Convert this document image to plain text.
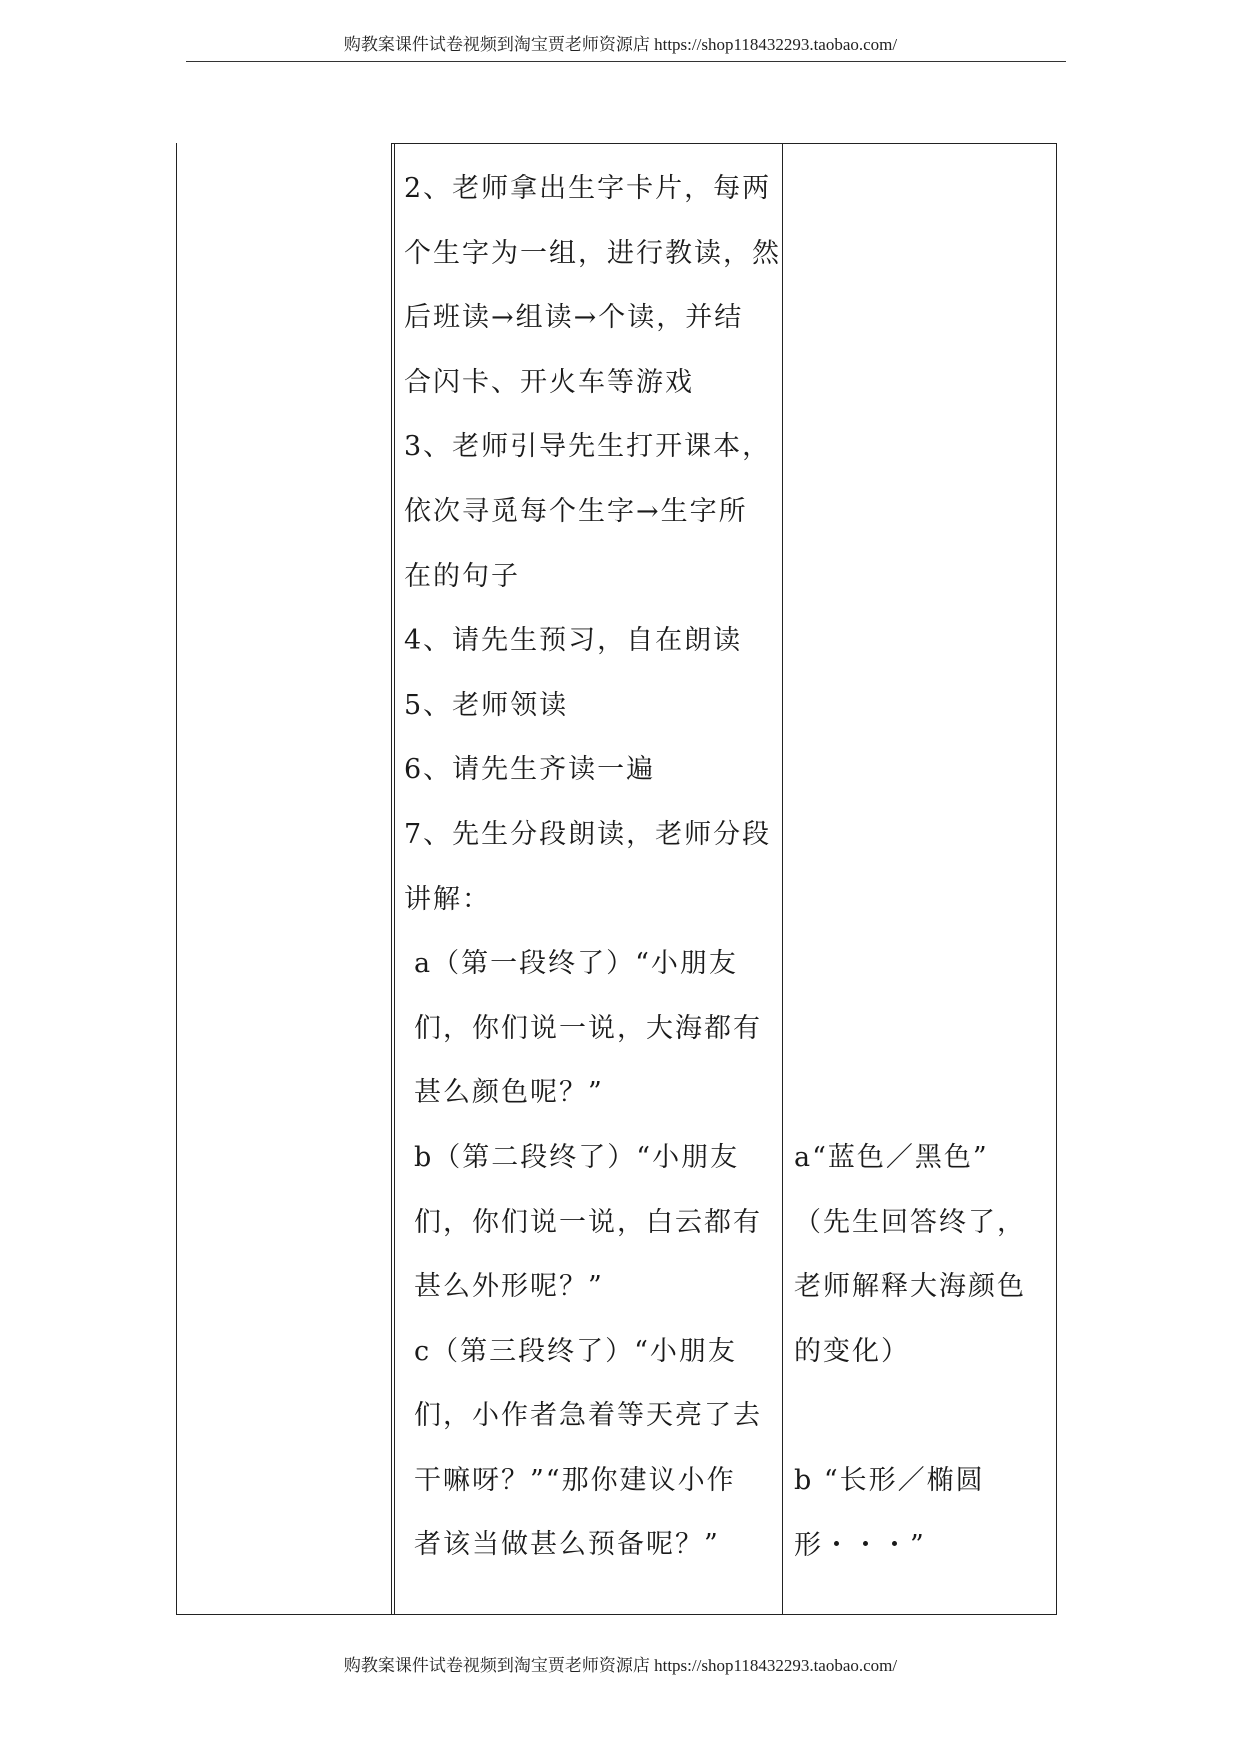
购教案课件试卷视频到淘宝贾老师资源店 https://shop118432293.taobao.com/
2、老师拿出生字卡片，每两
个生字为一组，进行教读，然
后班读→组读→个读，并结
合闪卡、开火车等游戏
3、老师引导先生打开课本，
依次寻觅每个生字→生字所
在的句子
4、请先生预习，自在朗读
5、老师领读
6、请先生齐读一遍
7、先生分段朗读，老师分段
讲解：
a（第一段终了）“小朋友
们，你们说一说，大海都有
甚么颜色呢？”
b（第二段终了）“小朋友
们，你们说一说，白云都有
甚么外形呢？”
c（第三段终了）“小朋友
们，小作者急着等天亮了去
干嘛呀？”“那你建议小作
者该当做甚么预备呢？”
a“蓝色／黑色”
（先生回答终了，
老师解释大海颜色
的变化）
b “长形／椭圆
形・・・”
购教案课件试卷视频到淘宝贾老师资源店 https://shop118432293.taobao.com/
